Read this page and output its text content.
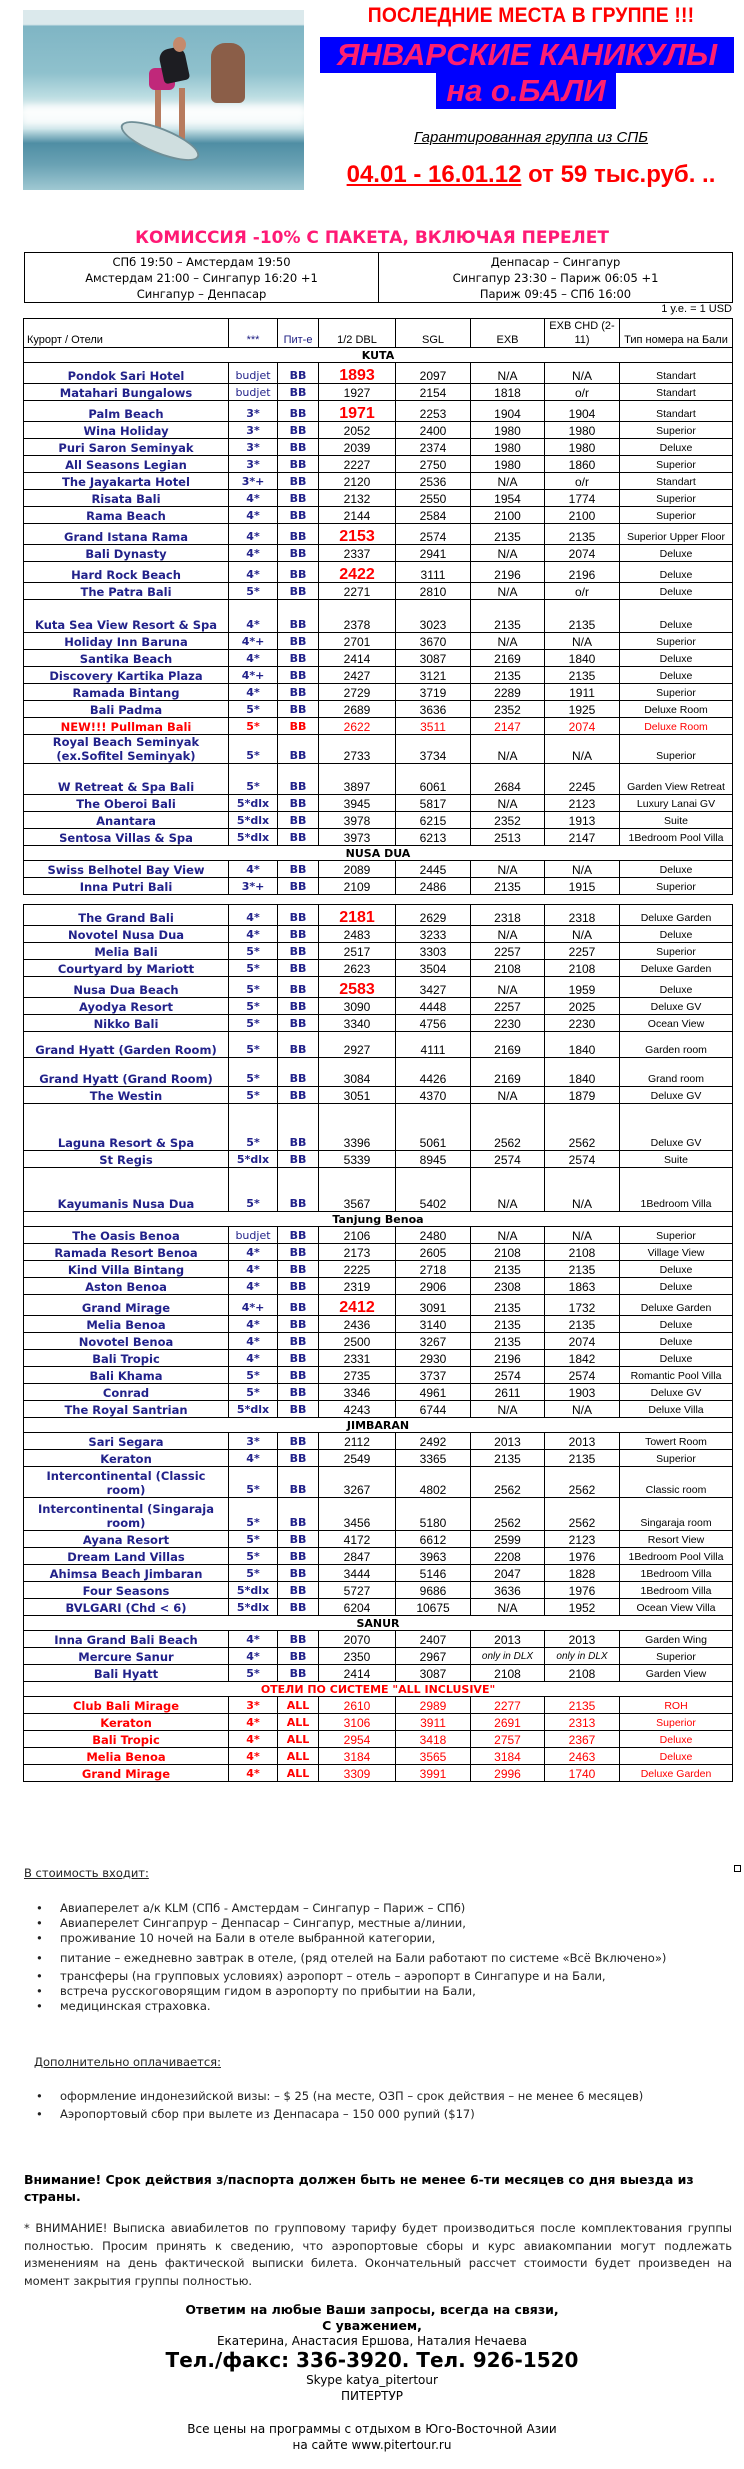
ПОСЛЕДНИЕ МЕСТА В ГРУППЕ !!!
ЯНВАРСКИЕ КАНИКУЛЫ
на о.БАЛИ
Гарантированная группа из СПБ
04.01 - 16.01.12 от 59 тыс.руб. ..
КОМИССИЯ -10% С ПАКЕТА, ВКЛЮЧАЯ ПЕРЕЛЕТ
СПб 19:50 – Амстердам 19:50
Амстердам 21:00 – Сингапур 16:20 +1
Сингапур – Денпасар
Денпасар – Сингапур
Сингапур 23:30 – Париж 06:05 +1
Париж 09:45 – СПб 16:00
1 у.е. = 1 USD
Курорт / Отели	***	Пит-е	1/2 DBL	SGL	EXB	EXB CHD (2-11)	Тип номера на Бали
KUTA							
Pondok Sari Hotel	budjet	BB	1893	2097	N/A	N/A	Standart
Matahari Bungalows	budjet	BB	1927	2154	1818	o/r	Standart
Palm Beach	3*	BB	1971	2253	1904	1904	Standart
Wina Holiday	3*	BB	2052	2400	1980	1980	Superior
Puri Saron Seminyak	3*	BB	2039	2374	1980	1980	Deluxe
All Seasons Legian	3*	BB	2227	2750	1980	1860	Superior
The Jayakarta Hotel	3*+	BB	2120	2536	N/A	o/r	Standart
Risata Bali	4*	BB	2132	2550	1954	1774	Superior
Rama Beach	4*	BB	2144	2584	2100	2100	Superior
Grand Istana Rama	4*	BB	2153	2574	2135	2135	Superior Upper Floor
Bali Dynasty	4*	BB	2337	2941	N/A	2074	Deluxe
Hard Rock Beach	4*	BB	2422	3111	2196	2196	Deluxe
The Patra Bali	5*	BB	2271	2810	N/A	o/r	Deluxe
Kuta Sea View Resort & Spa	4*	BB	2378	3023	2135	2135	Deluxe
Holiday Inn Baruna	4*+	BB	2701	3670	N/A	N/A	Superior
Santika Beach	4*	BB	2414	3087	2169	1840	Deluxe
Discovery Kartika Plaza	4*+	BB	2427	3121	2135	2135	Deluxe
Ramada Bintang	4*	BB	2729	3719	2289	1911	Superior
Bali Padma	5*	BB	2689	3636	2352	1925	Deluxe Room
NEW!!! Pullman Bali	5*	BB	2622	3511	2147	2074	Deluxe Room
Royal Beach Seminyak (ex.Sofitel Seminyak)	5*	BB	2733	3734	N/A	N/A	Superior
W Retreat & Spa Bali	5*	BB	3897	6061	2684	2245	Garden View Retreat
The Oberoi Bali	5*dlx	BB	3945	5817	N/A	2123	Luxury Lanai GV
Anantara	5*dlx	BB	3978	6215	2352	1913	Suite
Sentosa Villas & Spa	5*dlx	BB	3973	6213	2513	2147	1Bedroom Pool Villa
NUSA DUA							
Swiss Belhotel Bay View	4*	BB	2089	2445	N/A	N/A	Deluxe
Inna Putri Bali	3*+	BB	2109	2486	2135	1915	Superior

The Grand Bali	4*	BB	2181	2629	2318	2318	Deluxe Garden
Novotel Nusa Dua	4*	BB	2483	3233	N/A	N/A	Deluxe
Melia Bali	5*	BB	2517	3303	2257	2257	Superior
Courtyard by Mariott	5*	BB	2623	3504	2108	2108	Deluxe Garden
Nusa Dua Beach	5*	BB	2583	3427	N/A	1959	Deluxe
Ayodya Resort	5*	BB	3090	4448	2257	2025	Deluxe GV
Nikko Bali	5*	BB	3340	4756	2230	2230	Ocean View
Grand Hyatt (Garden Room)	5*	BB	2927	4111	2169	1840	Garden room
Grand Hyatt (Grand Room)	5*	BB	3084	4426	2169	1840	Grand room
The Westin	5*	BB	3051	4370	N/A	1879	Deluxe GV
Laguna Resort & Spa	5*	BB	3396	5061	2562	2562	Deluxe GV
St Regis	5*dlx	BB	5339	8945	2574	2574	Suite
Kayumanis Nusa Dua	5*	BB	3567	5402	N/A	N/A	1Bedroom Villa
Tanjung Benoa							
The Oasis Benoa	budjet	BB	2106	2480	N/A	N/A	Superior
Ramada Resort Benoa	4*	BB	2173	2605	2108	2108	Village View
Kind Villa Bintang	4*	BB	2225	2718	2135	2135	Deluxe
Aston Benoa	4*	BB	2319	2906	2308	1863	Deluxe
Grand Mirage	4*+	BB	2412	3091	2135	1732	Deluxe Garden
Melia Benoa	4*	BB	2436	3140	2135	2135	Deluxe
Novotel Benoa	4*	BB	2500	3267	2135	2074	Deluxe
Bali Tropic	4*	BB	2331	2930	2196	1842	Deluxe
Bali Khama	5*	BB	2735	3737	2574	2574	Romantic Pool Villa
Conrad	5*	BB	3346	4961	2611	1903	Deluxe GV
The Royal Santrian	5*dlx	BB	4243	6744	N/A	N/A	Deluxe Villa
JIMBARAN							
Sari Segara	3*	BB	2112	2492	2013	2013	Towert Room
Keraton	4*	BB	2549	3365	2135	2135	Superior
Intercontinental (Classic room)	5*	BB	3267	4802	2562	2562	Classic room
Intercontinental (Singaraja room)	5*	BB	3456	5180	2562	2562	Singaraja room
Ayana Resort	5*	BB	4172	6612	2599	2123	Resort View
Dream Land Villas	5*	BB	2847	3963	2208	1976	1Bedroom Pool Villa
Ahimsa Beach Jimbaran	5*	BB	3444	5146	2047	1828	1Bedroom Villa
Four Seasons	5*dlx	BB	5727	9686	3636	1976	1Bedroom Villa
BVLGARI (Chd < 6)	5*dlx	BB	6204	10675	N/A	1952	Ocean View Villa
SANUR							
Inna Grand Bali Beach	4*	BB	2070	2407	2013	2013	Garden Wing
Mercure Sanur	4*	BB	2350	2967	only in DLX	only in DLX	Superior
Bali Hyatt	5*	BB	2414	3087	2108	2108	Garden View
ОТЕЛИ ПО СИСТЕМЕ "ALL INCLUSIVE"							
Club Bali Mirage	3*	ALL	2610	2989	2277	2135	ROH
Keraton	4*	ALL	3106	3911	2691	2313	Superior
Bali Tropic	4*	ALL	2954	3418	2757	2367	Deluxe
Melia Benoa	4*	ALL	3184	3565	3184	2463	Deluxe
Grand Mirage	4*	ALL	3309	3991	2996	1740	Deluxe Garden
В стоимость входит:
• Авиаперелет а/к KLM (СПб - Амстердам – Сингапур – Париж – СПб)
• Авиаперелет Сингапрур – Денпасар – Сингапур, местные а/линии,
• проживание 10 ночей на Бали в отеле выбранной категории,
• питание – ежедневно завтрак в отеле, (ряд отелей на Бали работают по системе «Всё Включено»)
• трансферы (на групповых условиях) аэропорт – отель – аэропорт в Сингапуре и на Бали,
• встреча русскоговорящим гидом в аэропорту по прибытии на Бали,
• медицинская страховка.
Дополнительно оплачивается:
• оформление индонезийской визы: – $ 25 (на месте, ОЗП – срок действия – не менее 6 месяцев)
• Аэропортовый сбор при вылете из Денпасара – 150 000 рупий ($17)
Внимание! Срок действия з/паспорта должен быть не менее 6-ти месяцев со дня выезда из страны.
* ВНИМАНИЕ! Выписка авиабилетов по групповому тарифу будет производиться после комплектования группы полностью. Просим принять к сведению, что аэропортовые сборы и курс авиакомпании могут подлежать изменениям на день фактической выписки билета. Окончательный рассчет стоимости будет произведен на момент закрытия группы полностью.
Ответим на любые Ваши запросы, всегда на связи,
С уважением,
Екатерина, Анастасия Ершова, Наталия Нечаева
Тел./факс: 336-3920. Тел. 926-1520
Skype katya_pitertour
ПИТЕРТУР
Все цены на программы с отдыхом в Юго-Восточной Азии
на сайте www.pitertour.ru
